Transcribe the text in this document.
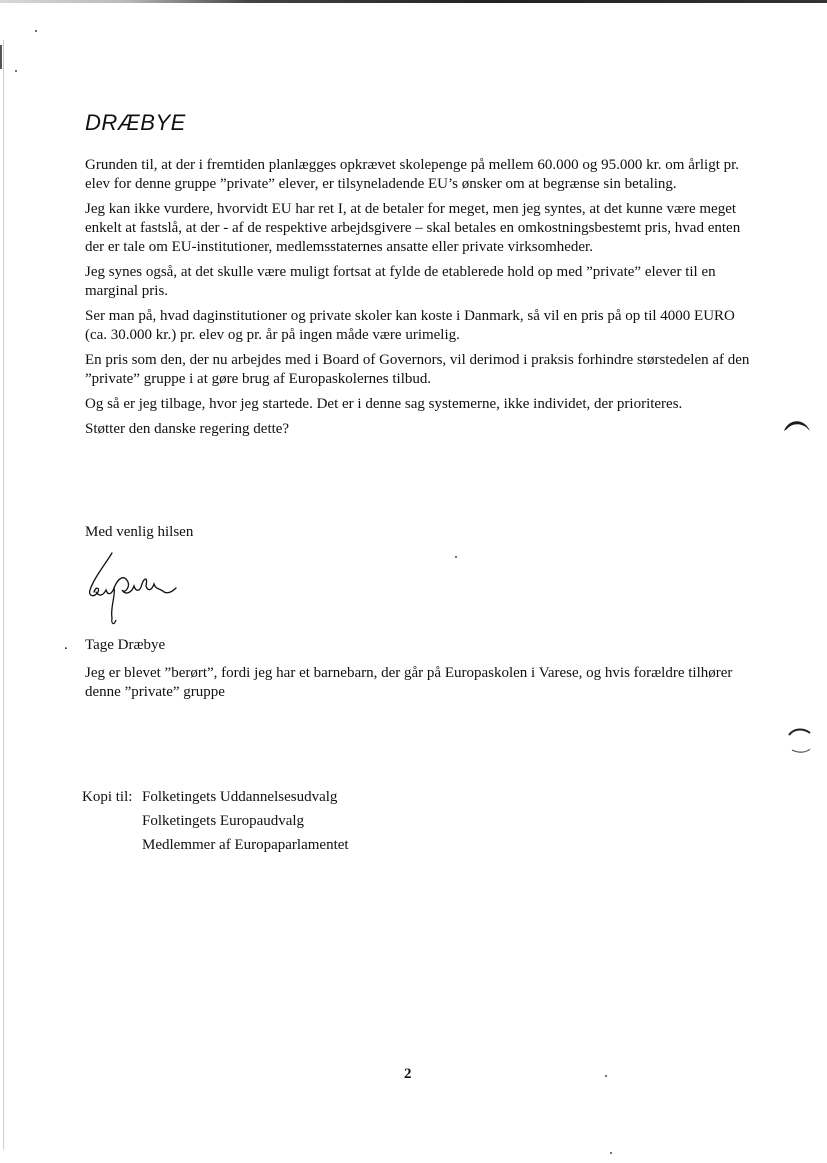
DRÆBYE

Grunden til, at der i fremtiden planlægges opkrævet skolepenge på mellem 60.000 og 95.000 kr. om årligt pr. elev for denne gruppe ”private” elever, er tilsyneladende EU’s ønsker om at begrænse sin betaling.

Jeg kan ikke vurdere, hvorvidt EU har ret I, at de betaler for meget, men jeg syntes, at det kunne være meget enkelt at fastslå, at der - af de respektive arbejdsgivere – skal betales en omkostningsbestemt pris, hvad enten der er tale om EU-institutioner, medlemsstaternes ansatte eller private virksomheder.

Jeg synes også, at det skulle være muligt fortsat at fylde de etablerede hold op med ”private” elever til en marginal pris.

Ser man på, hvad daginstitutioner og private skoler kan koste i Danmark, så vil en pris på op til 4000 EURO (ca. 30.000 kr.) pr. elev og pr. år på ingen måde være urimelig.

En pris som den, der nu arbejdes med i Board of Governors, vil derimod i praksis forhindre størstedelen af den ”private” gruppe i at gøre brug af Europaskolernes tilbud.

Og så er jeg tilbage, hvor jeg startede. Det er i denne sag systemerne, ikke individet, der prioriteres.

Støtter den danske regering dette?

Med venlig hilsen
. Tage Dræbye

Jeg er blevet ”berørt”, fordi jeg har et barnebarn, der går på Europaskolen i Varese, og hvis forældre tilhører denne ”private” gruppe

Kopi til: Folketingets Uddannelsesudvalg
Folketingets Europaudvalg
Medlemmer af Europaparlamentet
2
